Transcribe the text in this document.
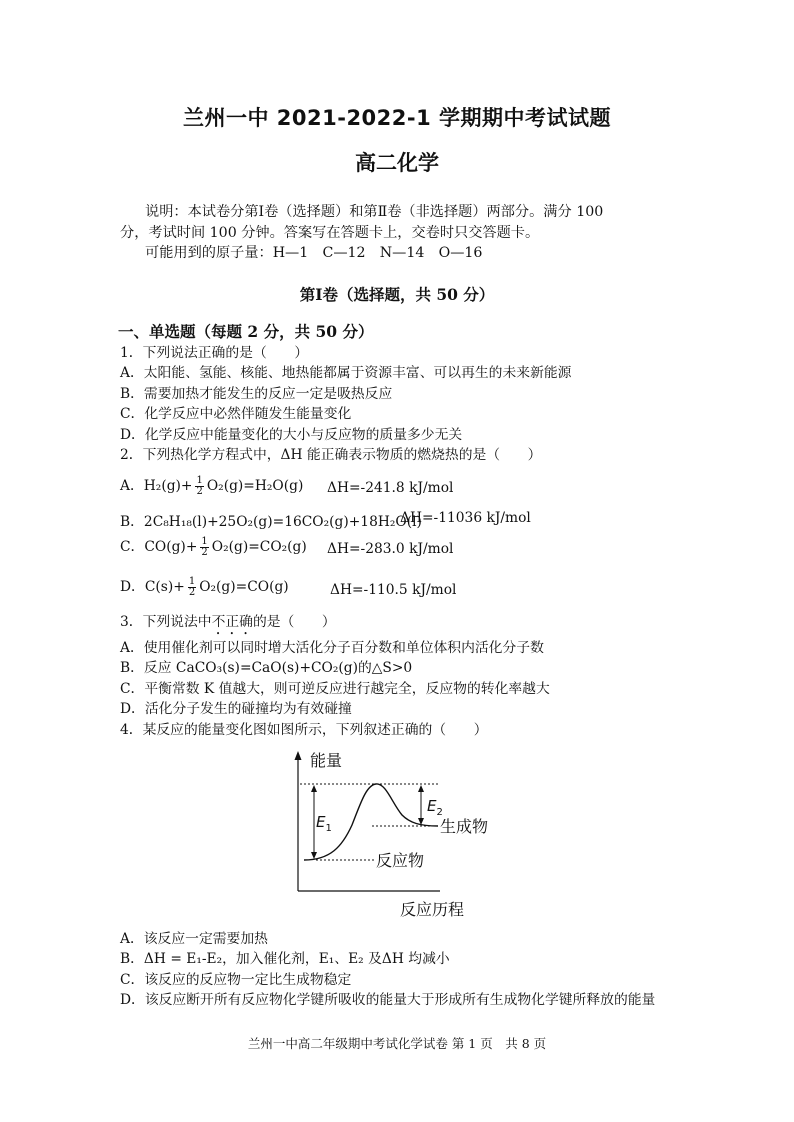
兰州一中 2021-2022-1 学期期中考试试题
高二化学
说明：本试卷分第Ⅰ卷（选择题）和第Ⅱ卷（非选择题）两部分。满分 100
分，考试时间 100 分钟。答案写在答题卡上，交卷时只交答题卡。
可能用到的原子量：H—1　C—12　N—14　O—16
第Ⅰ卷（选择题，共 50 分）
一、单选题（每题 2 分，共 50 分）
1．下列说法正确的是（　　）
A．太阳能、氢能、核能、地热能都属于资源丰富、可以再生的未来新能源
B．需要加热才能发生的反应一定是吸热反应
C．化学反应中必然伴随发生能量变化
D．化学反应中能量变化的大小与反应物的质量多少无关
2．下列热化学方程式中，ΔH 能正确表示物质的燃烧热的是（　　）
A．$H_2(g)+ \frac{1}{2} O_2(g)=H_2O(g)$ ΔH=-241.8 kJ/mol
B．2C₈H₁₈(l)+25O₂(g)=16CO₂(g)+18H₂O(l)
ΔH=-11036 kJ/mol
C．$CO(g)+ \frac{1}{2} O_2(g)=CO_2(g)$ ΔH=-283.0 kJ/mol
D．$C(s)+ \frac{1}{2} O_2(g)=CO(g)$	ΔH=-110.5 kJ/mol
3．下列说法中不正确的是（　　）
A．使用催化剂可以同时增大活化分子百分数和单位体积内活化分子数
B．反应 CaCO₃(s)=CaO(s)+CO₂(g)的△S>0
C．平衡常数 K 值越大，则可逆反应进行越完全，反应物的转化率越大
D．活化分子发生的碰撞均为有效碰撞
4．某反应的能量变化图如图所示，下列叙述正确的（　　）
能量
反应历程
$E_1$
$E_2$
生成物
反应物
A．该反应一定需要加热
B．ΔH = E₁-E₂，加入催化剂，E₁、E₂ 及ΔH 均减小
C．该反应的反应物一定比生成物稳定
D．该反应断开所有反应物化学键所吸收的能量大于形成所有生成物化学键所释放的能量
兰州一中高二年级期中考试化学试卷 第 1 页　共 8 页
